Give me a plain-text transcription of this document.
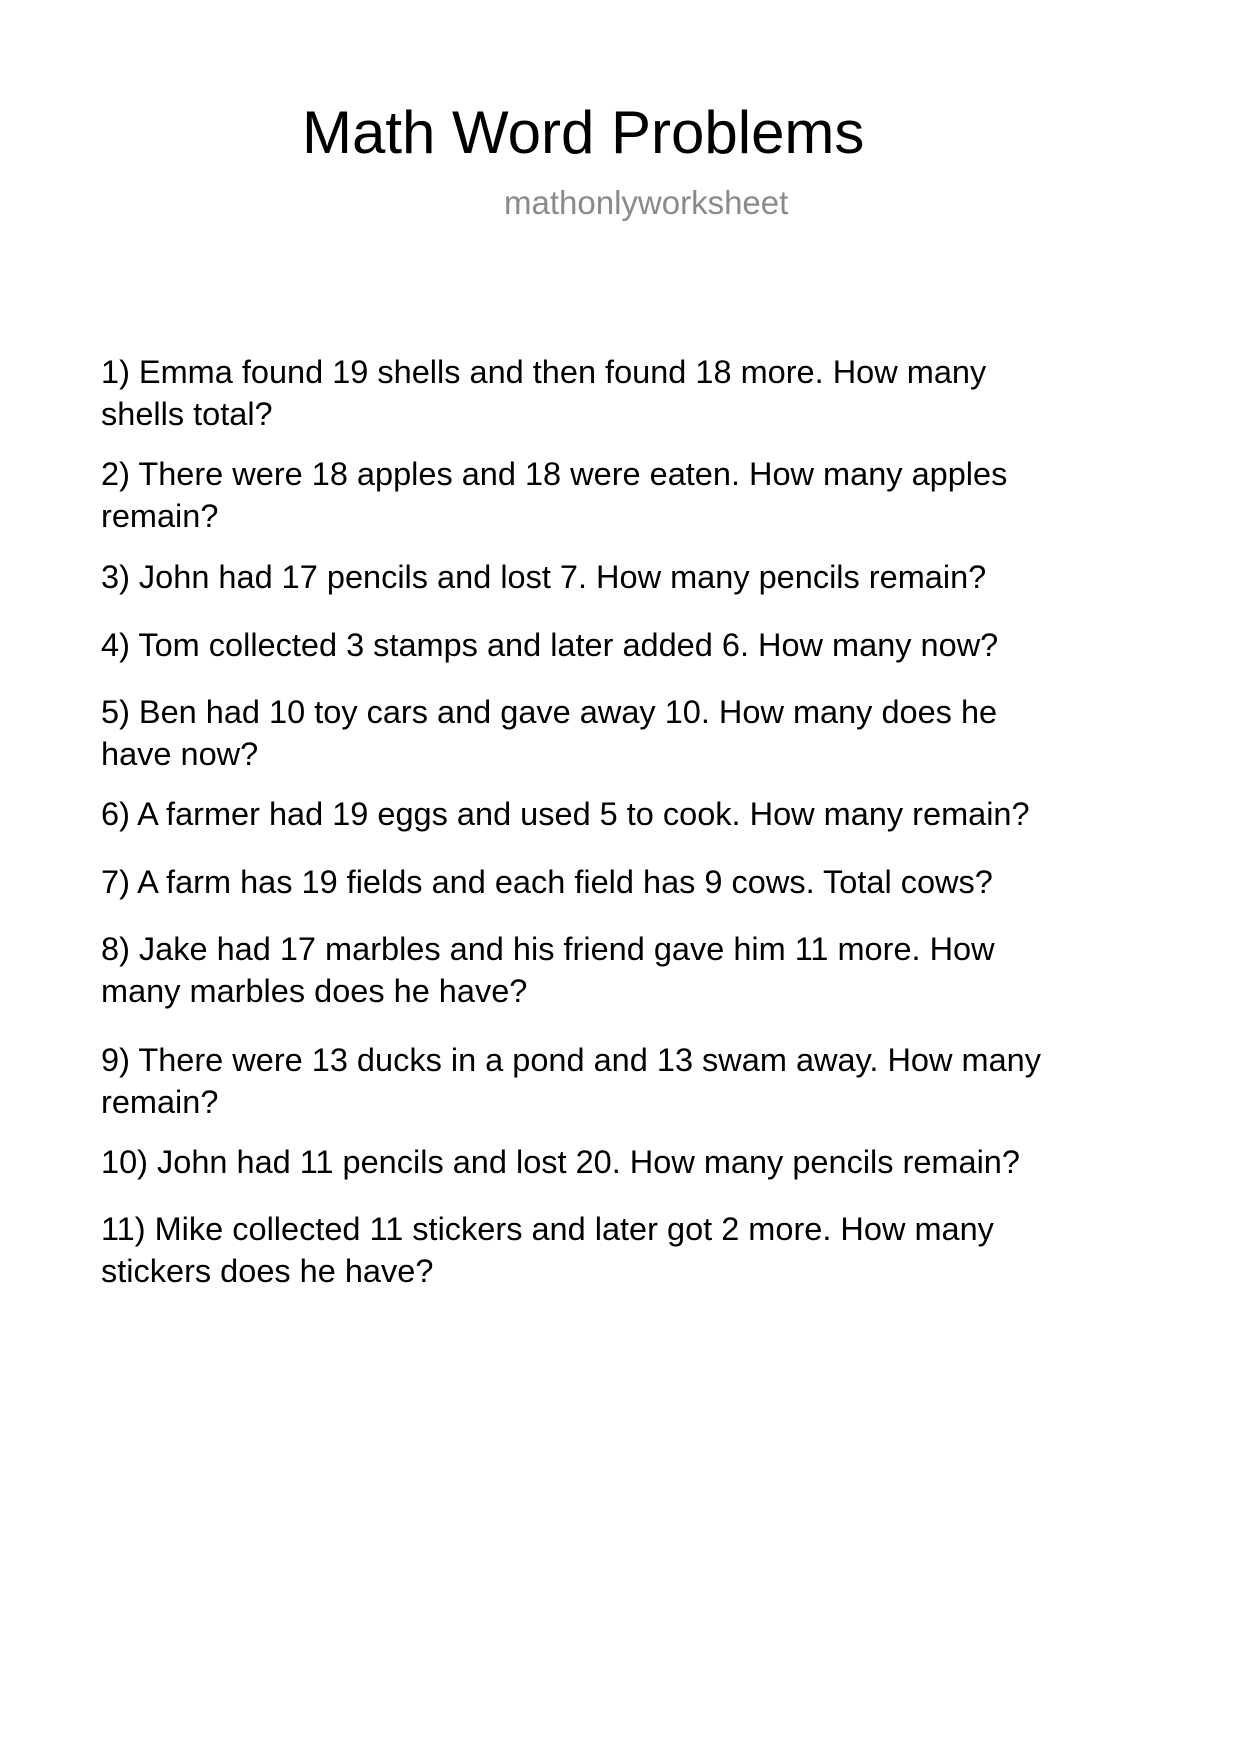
Math Word Problems
mathonlyworksheet
1) Emma found 19 shells and then found 18 more. How many
shells total?
2) There were 18 apples and 18 were eaten. How many apples
remain?
3) John had 17 pencils and lost 7. How many pencils remain?
4) Tom collected 3 stamps and later added 6. How many now?
5) Ben had 10 toy cars and gave away 10. How many does he
have now?
6) A farmer had 19 eggs and used 5 to cook. How many remain?
7) A farm has 19 fields and each field has 9 cows. Total cows?
8) Jake had 17 marbles and his friend gave him 11 more. How
many marbles does he have?
9) There were 13 ducks in a pond and 13 swam away. How many
remain?
10) John had 11 pencils and lost 20. How many pencils remain?
11) Mike collected 11 stickers and later got 2 more. How many
stickers does he have?
